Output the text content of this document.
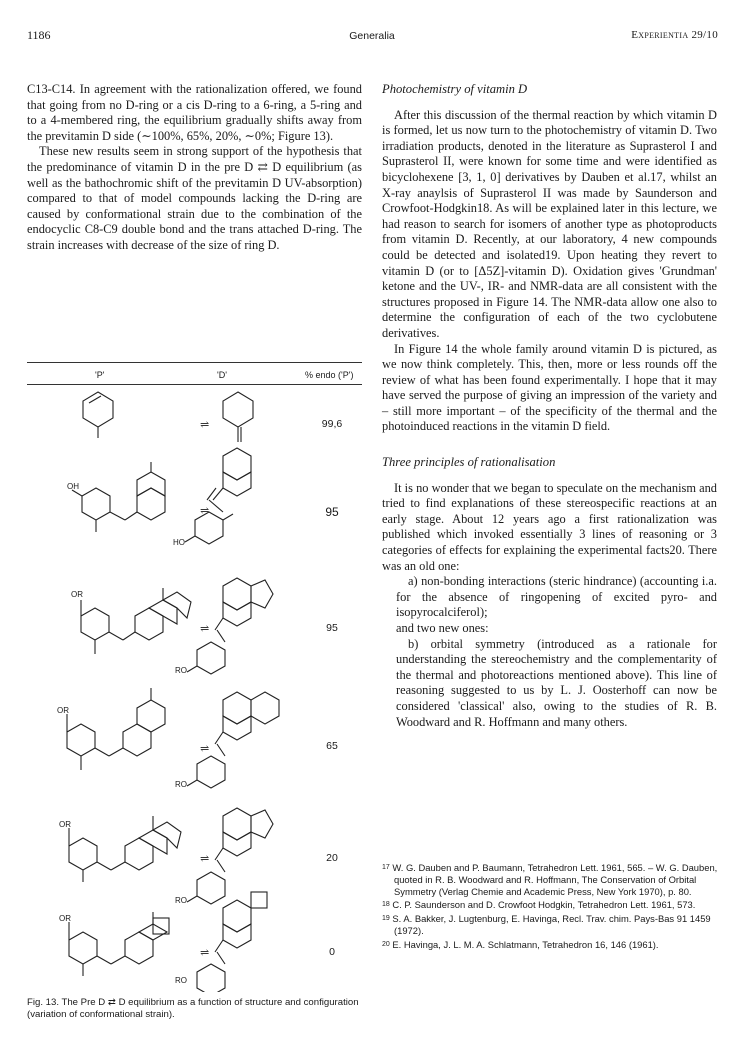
1186	Generalia	Experientia 29/10

C13-C14. In agreement with the rationalization offered, we found that going from no D-ring or a cis D-ring to a 6-ring, a 5-ring and to a 4-membered ring, the equilibrium gradually shifts away from the previtamin D side (∼100%, 65%, 20%, ∼0%; Figure 13).

These new results seem in strong support of the hypothesis that the predominance of vitamin D in the pre D ⇄ D equilibrium (as well as the bathochromic shift of the previtamin D UV-absorption) compared to that of model compounds lacking the D-ring are caused by conformational strain due to the combination of the endocyclic C8-C9 double bond and the trans attached D-ring. The strain increases with decrease of the size of ring D.

'P'	'D'	% endo ('P')
⇌	99,6
OH
HO
⇌	95
OR
RO
⇌	95
OR
RO
⇌	65
OR
RO
⇌	20
OR
RO
⇌	0
Fig. 13. The Pre D ⇄ D equilibrium as a function of structure and configuration (variation of conformational strain).
Photochemistry of vitamin D

After this discussion of the thermal reaction by which vitamin D is formed, let us now turn to the photochemistry of vitamin D. Two irradiation products, denoted in the literature as Suprasterol I and Suprasterol II, were known for some time and were identified as bicyclohexene [3, 1, 0] derivatives by Dauben et al.17, whilst an X-ray anaylsis of Suprasterol II was made by Saunderson and Crowfoot-Hodgkin18. As will be explained later in this lecture, we had reason to search for isomers of another type as photoproducts from vitamin D. Recently, at our laboratory, 4 new compounds could be detected and isolated19. Upon heating they revert to vitamin D (or to [Δ5Z]-vitamin D). Oxidation gives 'Grundman' ketone and the UV-, IR- and NMR-data are all consistent with the structures proposed in Figure 14. The NMR-data allow one also to determine the configuration of each of the two cyclobutene derivatives.

In Figure 14 the whole family around vitamin D is pictured, as we now think completely. This, then, more or less rounds off the review of what has been found experimentally. I hope that it may have served the purpose of giving an impression of the variety and – still more important – of the specificity of the thermal and the photoinduced reactions in the vitamin D field.

Three principles of rationalisation

It is no wonder that we began to speculate on the mechanism and tried to find explanations of these stereospecific reactions at an early stage. About 12 years ago a first rationalization was published which invoked essentially 3 lines of reasoning or 3 categories of effects for explaining the experimental facts20. There was an old one:

a) non-bonding interactions (steric hindrance) (accounting i.a. for the absence of ringopening of excited pyro- and isopyrocalciferol);

and two new ones:

b) orbital symmetry (introduced as a rationale for understanding the stereochemistry and the complementarity of the thermal and photoreactions mentioned above). This line of reasoning suggested to us by L. J. Oosterhoff can now be considered 'classical' also, owing to the studies of R. B. Woodward and R. Hoffmann and many others.

$^{17}$ W. G. Dauben and P. Baumann, Tetrahedron Lett. 1961, 565. – W. G. Dauben, quoted in R. B. Woodward and R. Hoffmann, The Conservation of Orbital Symmetry (Verlag Chemie and Academic Press, New York 1970), p. 80.

$^{18}$ C. P. Saunderson and D. Crowfoot Hodgkin, Tetrahedron Lett. 1961, 573.

$^{19}$ S. A. Bakker, J. Lugtenburg, E. Havinga, Recl. Trav. chim. Pays-Bas 91 1459 (1972).

$^{20}$ E. Havinga, J. L. M. A. Schlatmann, Tetrahedron 16, 146 (1961).
